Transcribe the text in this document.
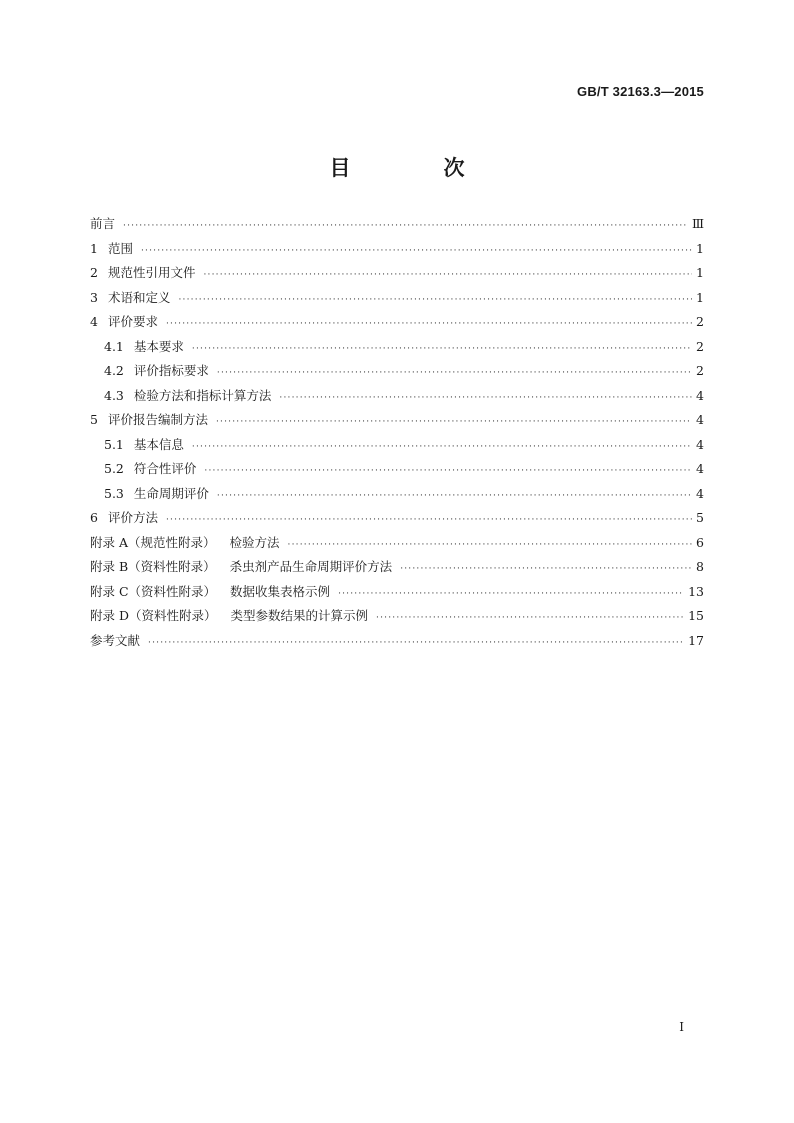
GB/T 32163.3—2015
目　次
前言 ·····	Ⅲ
1 范围 ·····	1
2 规范性引用文件 ·····	1
3 术语和定义 ·····	1
4 评价要求 ·····	2
4.1 基本要求 ·····	2
4.2 评价指标要求 ·····	2
4.3 检验方法和指标计算方法 ·····	4
5 评价报告编制方法 ·····	4
5.1 基本信息 ·····	4
5.2 符合性评价 ·····	4
5.3 生命周期评价 ·····	4
6 评价方法 ·····	5
附录 A（规范性附录） 检验方法 ·····	6
附录 B（资料性附录） 杀虫剂产品生命周期评价方法 ·····	8
附录 C（资料性附录） 数据收集表格示例 ·····	13
附录 D（资料性附录） 类型参数结果的计算示例 ·····	15
参考文献 ·····	17
I
